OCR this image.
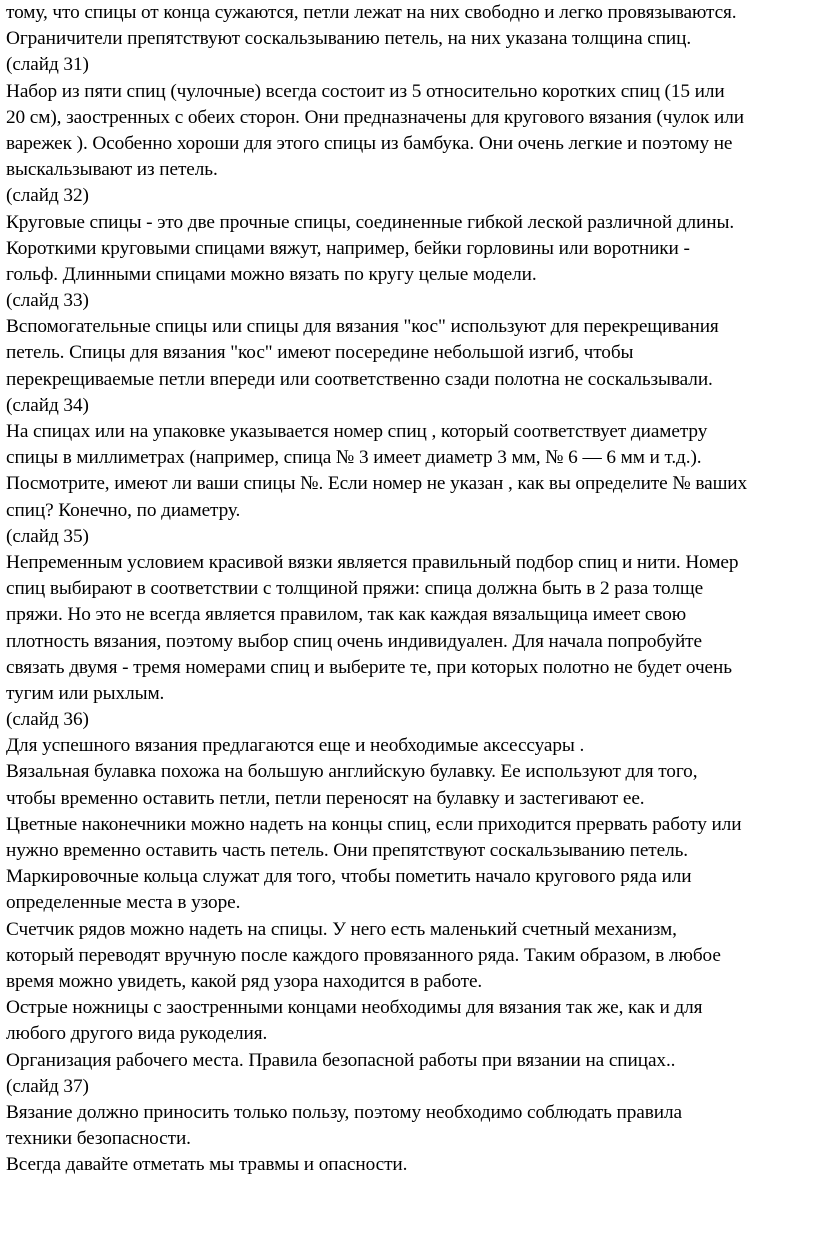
тому, что спицы от конца сужаются, петли лежат на них свободно и легко провязываются.
Ограничители препятствуют соскальзыванию петель, на них указана толщина спиц.
(слайд 31)
Набор из пяти спиц (чулочные) всегда состоит из 5 относительно коротких спиц (15 или
20 см), заостренных с обеих сторон. Они предназначены для кругового вязания (чулок или
варежек ). Особенно хороши для этого спицы из бамбука. Они очень легкие и поэтому не
выскальзывают из петель.
(слайд 32)
Круговые спицы - это две прочные спицы, соединенные гибкой леской различной длины.
Короткими круговыми спицами вяжут, например, бейки горловины или воротники -
гольф. Длинными спицами можно вязать по кругу целые модели.
(слайд 33)
Вспомогательные спицы или спицы для вязания "кос" используют для перекрещивания
петель. Спицы для вязания "кос" имеют посередине небольшой изгиб, чтобы
перекрещиваемые петли впереди или соответственно сзади полотна не соскальзывали.
(слайд 34)
На спицах или на упаковке указывается номер спиц , который соответствует диаметру
спицы в миллиметрах (например, спица № 3 имеет диаметр 3 мм, № 6 — 6 мм и т.д.).
Посмотрите, имеют ли ваши спицы №. Если номер не указан , как вы определите № ваших
спиц? Конечно, по диаметру.
(слайд 35)
Непременным условием красивой вязки является правильный подбор спиц и нити. Номер
спиц выбирают в соответствии с толщиной пряжи: спица должна быть в 2 раза толще
пряжи. Но это не всегда является правилом, так как каждая вязальщица имеет свою
плотность вязания, поэтому выбор спиц очень индивидуален. Для начала попробуйте
связать двумя - тремя номерами спиц и выберите те, при которых полотно не будет очень
тугим или рыхлым.
(слайд 36)
Для успешного вязания предлагаются еще и необходимые аксессуары .
Вязальная булавка похожа на большую английскую булавку. Ее используют для того,
чтобы временно оставить петли, петли переносят на булавку и застегивают ее.
Цветные наконечники можно надеть на концы спиц, если приходится прервать работу или
нужно временно оставить часть петель. Они препятствуют соскальзыванию петель.
Маркировочные кольца служат для того, чтобы пометить начало кругового ряда или
определенные места в узоре.
Счетчик рядов можно надеть на спицы. У него есть маленький счетный механизм,
который переводят вручную после каждого провязанного ряда. Таким образом, в любое
время можно увидеть, какой ряд узора находится в работе.
Острые ножницы с заостренными концами необходимы для вязания так же, как и для
любого другого вида рукоделия.
Организация рабочего места. Правила безопасной работы при вязании на спицах..
(слайд 37)
Вязание должно приносить только пользу, поэтому необходимо соблюдать правила
техники безопасности.
Всегда давайте отметать мы травмы и опасности.
